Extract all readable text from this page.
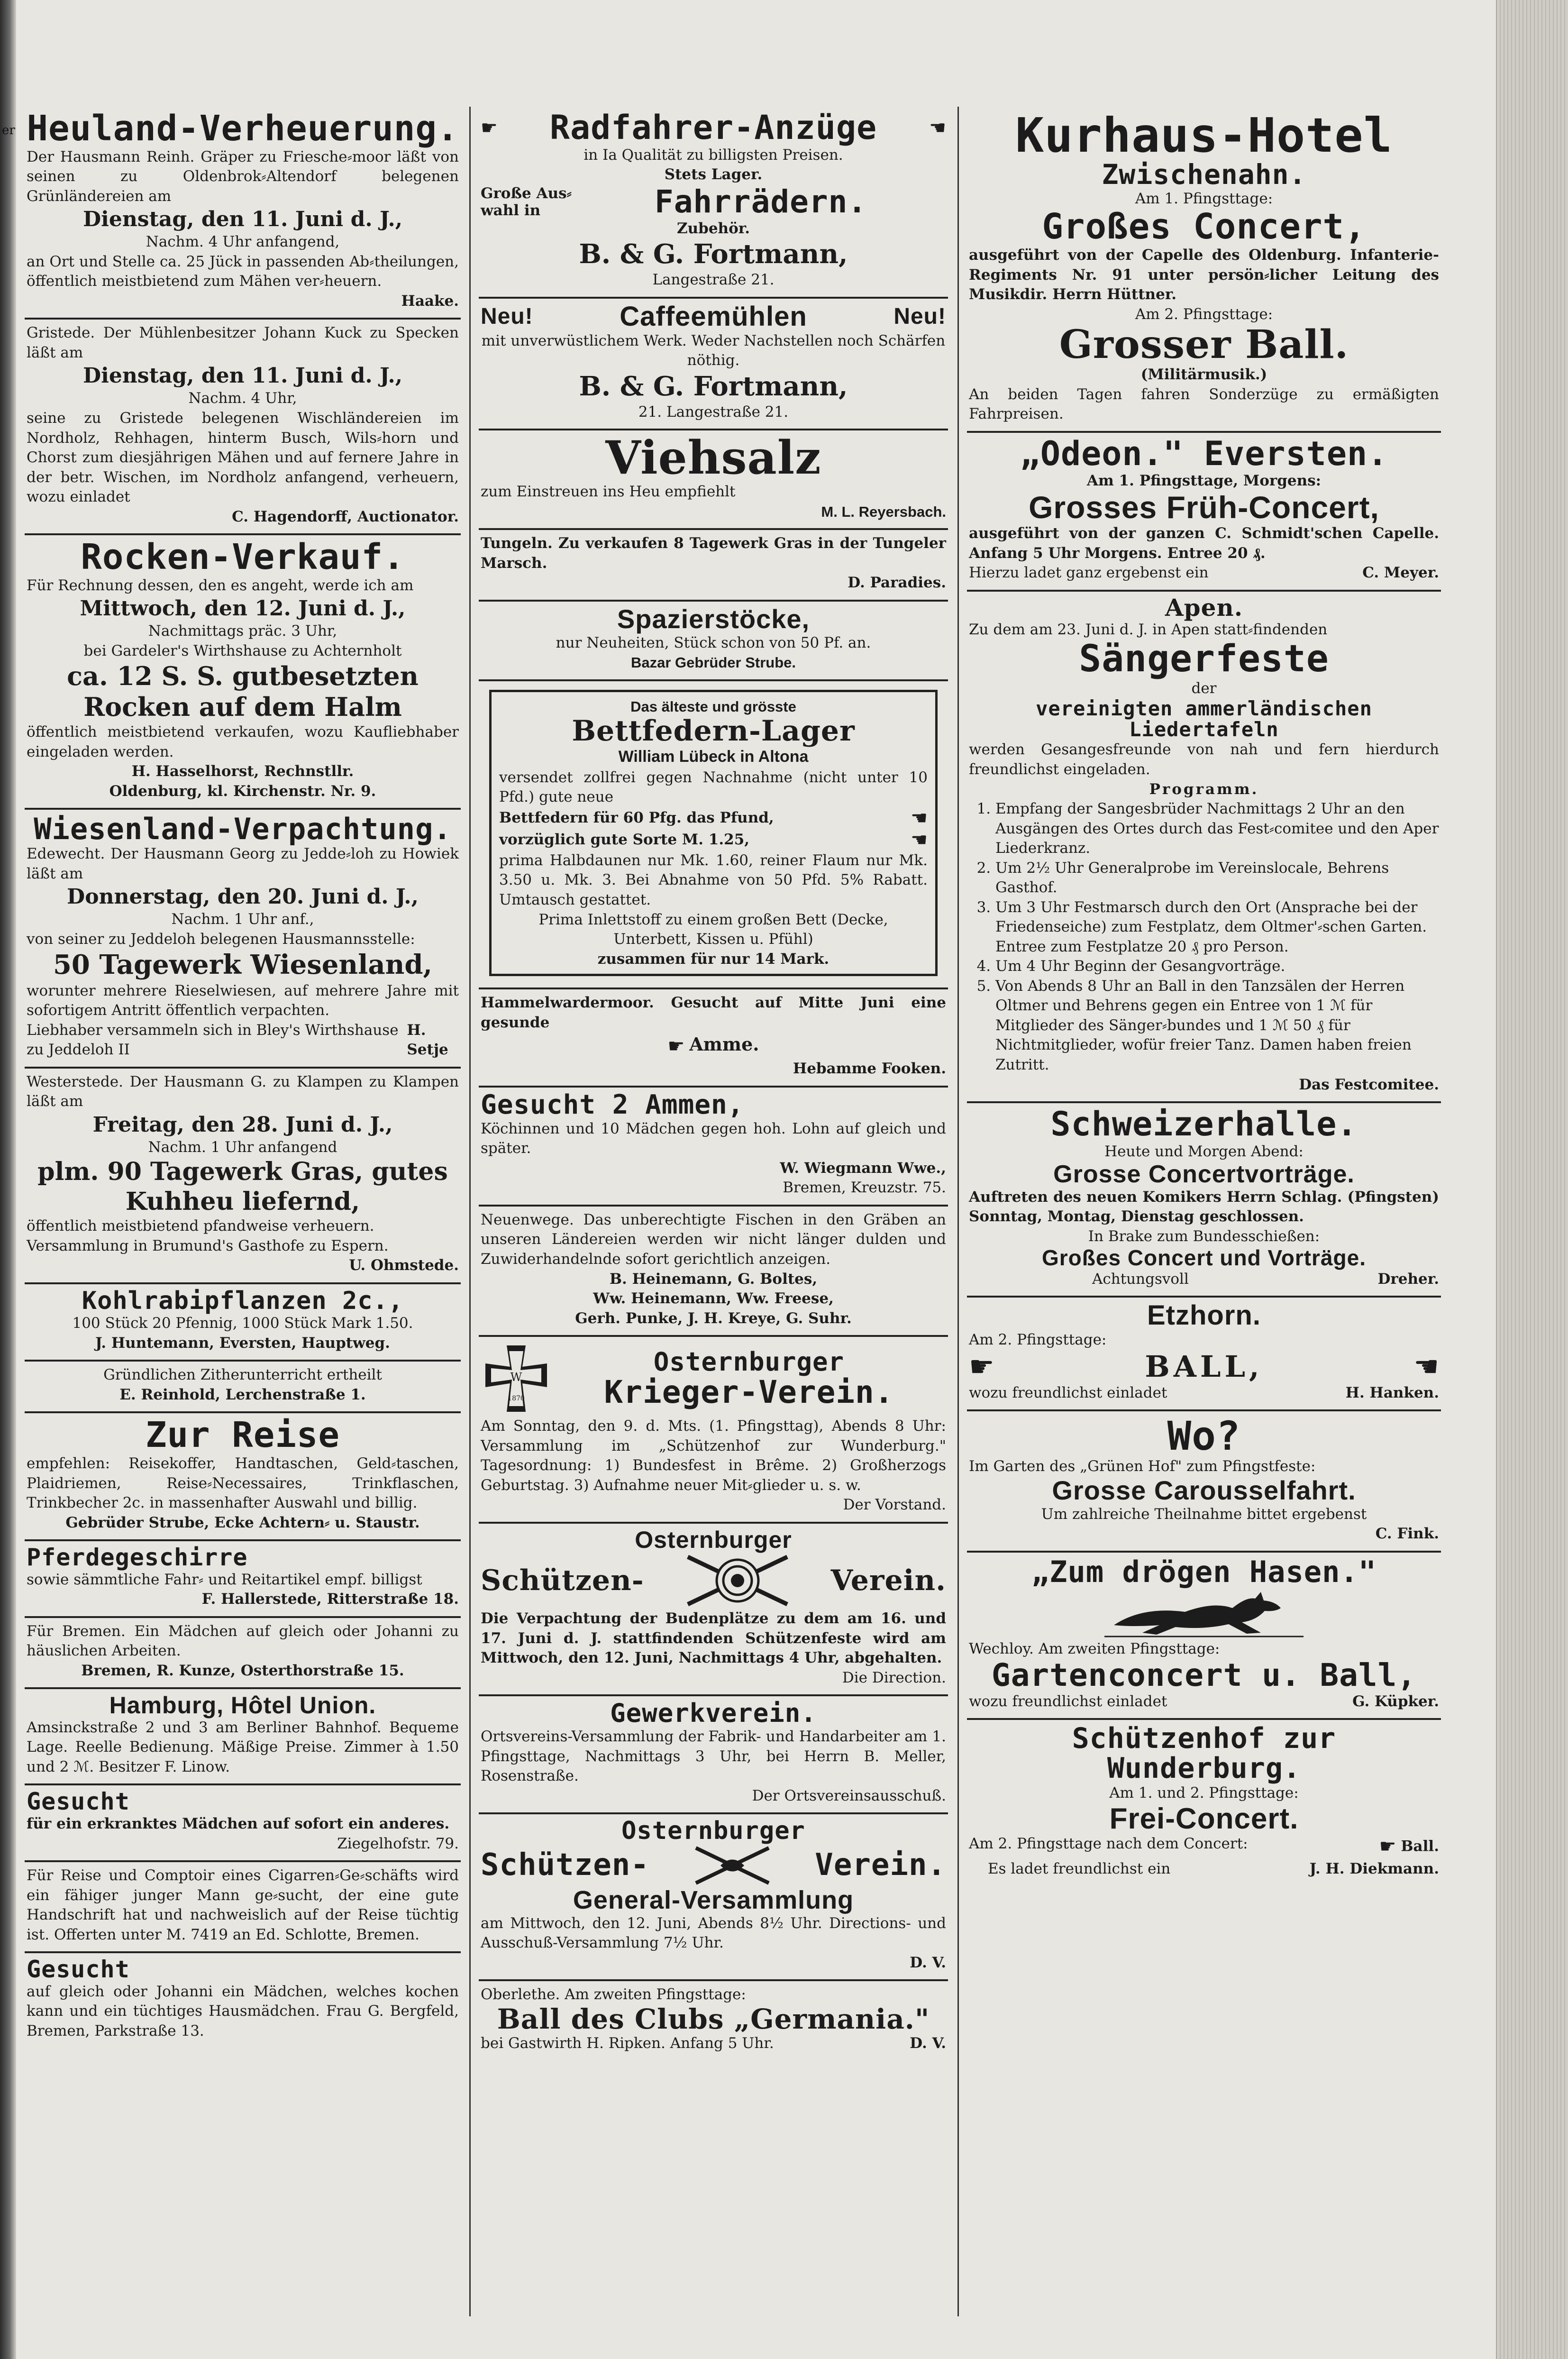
Heuland-Verheuerung.

Der Hausmann Reinh. Gräper zu Friesche⸗moor läßt von seinen zu Oldenbrok⸗Altendorf belegenen Grünländereien am

Dienstag, den 11. Juni d. J.,

Nachm. 4 Uhr anfangend,

an Ort und Stelle ca. 25 Jück in passenden Ab⸗theilungen, öffentlich meistbietend zum Mähen ver⸗heuern.

Haake.

Gristede. Der Mühlenbesitzer Johann Kuck zu Specken läßt am

Dienstag, den 11. Juni d. J.,

Nachm. 4 Uhr,

seine zu Gristede belegenen Wischländereien im Nordholz, Rehhagen, hinterm Busch, Wils⸗horn und Chorst zum diesjährigen Mähen und auf fernere Jahre in der betr. Wischen, im Nordholz anfangend, verheuern, wozu einladet

C. Hagendorff, Auctionator.

Rocken-Verkauf.

Für Rechnung dessen, den es angeht, werde ich am

Mittwoch, den 12. Juni d. J.,

Nachmittags präc. 3 Uhr,

bei Gardeler's Wirthshause zu Achternholt

ca. 12 S. S. gutbesetzten Rocken auf dem Halm

öffentlich meistbietend verkaufen, wozu Kaufliebhaber eingeladen werden.

H. Hasselhorst, Rechnstllr.

Oldenburg, kl. Kirchenstr. Nr. 9.

Wiesenland-Verpachtung.

Edewecht. Der Hausmann Georg zu Jedde⸗loh zu Howiek läßt am

Donnerstag, den 20. Juni d. J.,

Nachm. 1 Uhr anf.,

von seiner zu Jeddeloh belegenen Hausmannsstelle:

50 Tagewerk Wiesenland,

worunter mehrere Rieselwiesen, auf mehrere Jahre mit sofortigem Antritt öffentlich verpachten.

Liebhaber versammeln sich in Bley's Wirthshause zu Jeddeloh II
H. Setje

Westerstede. Der Hausmann G. zu Klampen zu Klampen läßt am

Freitag, den 28. Juni d. J.,

Nachm. 1 Uhr anfangend

plm. 90 Tagewerk Gras, gutes Kuhheu liefernd,

öffentlich meistbietend pfandweise verheuern.

Versammlung in Brumund's Gasthofe zu Espern.

U. Ohmstede.

Kohlrabipflanzen 2c.,

100 Stück 20 Pfennig, 1000 Stück Mark 1.50.

J. Huntemann, Eversten, Hauptweg.

Gründlichen Zitherunterricht ertheilt

E. Reinhold, Lerchenstraße 1.

Zur Reise

empfehlen: Reisekoffer, Handtaschen, Geld⸗taschen, Plaidriemen, Reise⸗Necessaires, Trinkflaschen, Trinkbecher 2c. in massenhafter Auswahl und billig.

Gebrüder Strube, Ecke Achtern⸗ u. Staustr.

Pferdegeschirre

sowie sämmtliche Fahr⸗ und Reitartikel empf. billigst

F. Hallerstede, Ritterstraße 18.

Für Bremen. Ein Mädchen auf gleich oder Johanni zu häuslichen Arbeiten.

Bremen, R. Kunze, Osterthorstraße 15.

Hamburg, Hôtel Union.

Amsinckstraße 2 und 3 am Berliner Bahnhof. Bequeme Lage. Reelle Bedienung. Mäßige Preise. Zimmer à 1.50 und 2 ℳ. Besitzer F. Linow.

Gesucht

für ein erkranktes Mädchen auf sofort ein anderes.

Ziegelhofstr. 79.

Für Reise und Comptoir eines Cigarren⸗Ge⸗schäfts wird ein fähiger junger Mann ge⸗sucht, der eine gute Handschrift hat und nachweislich auf der Reise tüchtig ist. Offerten unter M. 7419 an Ed. Schlotte, Bremen.

Gesucht

auf gleich oder Johanni ein Mädchen, welches kochen kann und ein tüchtiges Hausmädchen. Frau G. Bergfeld, Bremen, Parkstraße 13.

☛ Radfahrer-Anzüge	☚

in Ia Qualität zu billigsten Preisen.

Stets Lager.

Große Aus⸗ wahl in	Fahrrädern.

Zubehör.

B. & G. Fortmann,

Langestraße 21.

Neu!	Caffeemühlen	Neu!

mit unverwüstlichem Werk. Weder Nachstellen noch Schärfen nöthig.

B. & G. Fortmann,

21. Langestraße 21.

Viehsalz

zum Einstreuen ins Heu empfiehlt

M. L. Reyersbach.

Tungeln. Zu verkaufen 8 Tagewerk Gras in der Tungeler Marsch.

D. Paradies.

Spazierstöcke,

nur Neuheiten, Stück schon von 50 Pf. an.

Bazar Gebrüder Strube.

Das älteste und grösste

Bettfedern-Lager

William Lübeck in Altona

versendet zollfrei gegen Nachnahme (nicht unter 10 Pfd.) gute neue

Bettfedern für 60 Pfg. das Pfund,	☚

vorzüglich gute Sorte M. 1.25,	☚

prima Halbdaunen nur Mk. 1.60, reiner Flaum nur Mk. 3.50 u. Mk. 3. Bei Abnahme von 50 Pfd. 5% Rabatt. Umtausch gestattet.

Prima Inlettstoff zu einem großen Bett (Decke, Unterbett, Kissen u. Pfühl)

zusammen für nur 14 Mark.

Hammelwardermoor. Gesucht auf Mitte Juni eine gesunde

☛ Amme.

Hebamme Fooken.

Gesucht 2 Ammen,

Köchinnen und 10 Mädchen gegen hoh. Lohn auf gleich und später.

W. Wiegmann Wwe.,

Bremen, Kreuzstr. 75.

Neuenwege. Das unberechtigte Fischen in den Gräben an unseren Ländereien werden wir nicht länger dulden und Zuwiderhandelnde sofort gerichtlich anzeigen.

B. Heinemann, G. Boltes,

Ww. Heinemann, Ww. Freese,

Gerh. Punke, J. H. Kreye, G. Suhr.

W
1870
Osternburger
Krieger-Verein.

Am Sonntag, den 9. d. Mts. (1. Pfingsttag), Abends 8 Uhr: Versammlung im „Schützenhof zur Wunderburg." Tagesordnung: 1) Bundesfest in Brême. 2) Großherzogs Geburtstag. 3) Aufnahme neuer Mit⸗glieder u. s. w.

Der Vorstand.

Osternburger
Schützen-	Verein.

Die Verpachtung der Budenplätze zu dem am 16. und 17. Juni d. J. stattfindenden Schützenfeste wird am Mittwoch, den 12. Juni, Nachmittags 4 Uhr, abgehalten.

Die Direction.

Gewerkverein.

Ortsvereins-Versammlung der Fabrik- und Handarbeiter am 1. Pfingsttage, Nachmittags 3 Uhr, bei Herrn B. Meller, Rosenstraße.

Der Ortsvereinsausschuß.

Osternburger
Schützen-	Verein.
General-Versammlung

am Mittwoch, den 12. Juni, Abends 8½ Uhr. Directions- und Ausschuß-Versammlung 7½ Uhr.

D. V.

Oberlethe. Am zweiten Pfingsttage:

Ball des Clubs „Germania."
bei Gastwirth H. Ripken. Anfang 5 Uhr.	D. V.
Kurhaus-Hotel
Zwischenahn.

Am 1. Pfingsttage:

Großes Concert,

ausgeführt von der Capelle des Oldenburg. Infanterie-Regiments Nr. 91 unter persön⸗licher Leitung des Musikdir. Herrn Hüttner.

Am 2. Pfingsttage:

Grosser Ball.

(Militärmusik.)

An beiden Tagen fahren Sonderzüge zu ermäßigten Fahrpreisen.

„Odeon." Eversten.

Am 1. Pfingsttage, Morgens:

Grosses Früh-Concert,

ausgeführt von der ganzen C. Schmidt'schen Capelle. Anfang 5 Uhr Morgens. Entree 20 ₰.

Hierzu ladet ganz ergebenst ein	C. Meyer.
Apen.

Zu dem am 23. Juni d. J. in Apen statt⸗findenden

Sängerfeste

der

vereinigten ammerländischen Liedertafeln

werden Gesangesfreunde von nah und fern hierdurch freundlichst eingeladen.

Programm.

1. Empfang der Sangesbrüder Nachmittags 2 Uhr an den Ausgängen des Ortes durch das Fest⸗comitee und den Aper Liederkranz.
2. Um 2½ Uhr Generalprobe im Vereinslocale, Behrens Gasthof.
3. Um 3 Uhr Festmarsch durch den Ort (Ansprache bei der Friedenseiche) zum Festplatz, dem Oltmer'⸗schen Garten. Entree zum Festplatze 20 ₰ pro Person.
4. Um 4 Uhr Beginn der Gesangvorträge.
5. Von Abends 8 Uhr an Ball in den Tanzsälen der Herren Oltmer und Behrens gegen ein Entree von 1 ℳ für Mitglieder des Sänger⸗bundes und 1 ℳ 50 ₰ für Nichtmitglieder, wofür freier Tanz. Damen haben freien Zutritt.

Das Festcomitee.

Schweizerhalle.

Heute und Morgen Abend:

Grosse Concertvorträge.

Auftreten des neuen Komikers Herrn Schlag. (Pfingsten) Sonntag, Montag, Dienstag geschlossen.

In Brake zum Bundesschießen:

Großes Concert und Vorträge.
Achtungsvoll	Dreher.
Etzhorn.

Am 2. Pfingsttage:

☛	BALL,	☚
wozu freundlichst einladet	H. Hanken.
Wo?

Im Garten des „Grünen Hof" zum Pfingstfeste:

Grosse Carousselfahrt.

Um zahlreiche Theilnahme bittet ergebenst

C. Fink.

„Zum drögen Hasen."

Wechloy. Am zweiten Pfingsttage:

Gartenconcert u. Ball,
wozu freundlichst einladet	G. Küpker.
Schützenhof zur Wunderburg.

Am 1. und 2. Pfingsttage:

Frei-Concert.
Am 2. Pfingsttage nach dem Concert:	☛ Ball.
Es ladet freundlichst ein	J. H. Diekmann.
er
